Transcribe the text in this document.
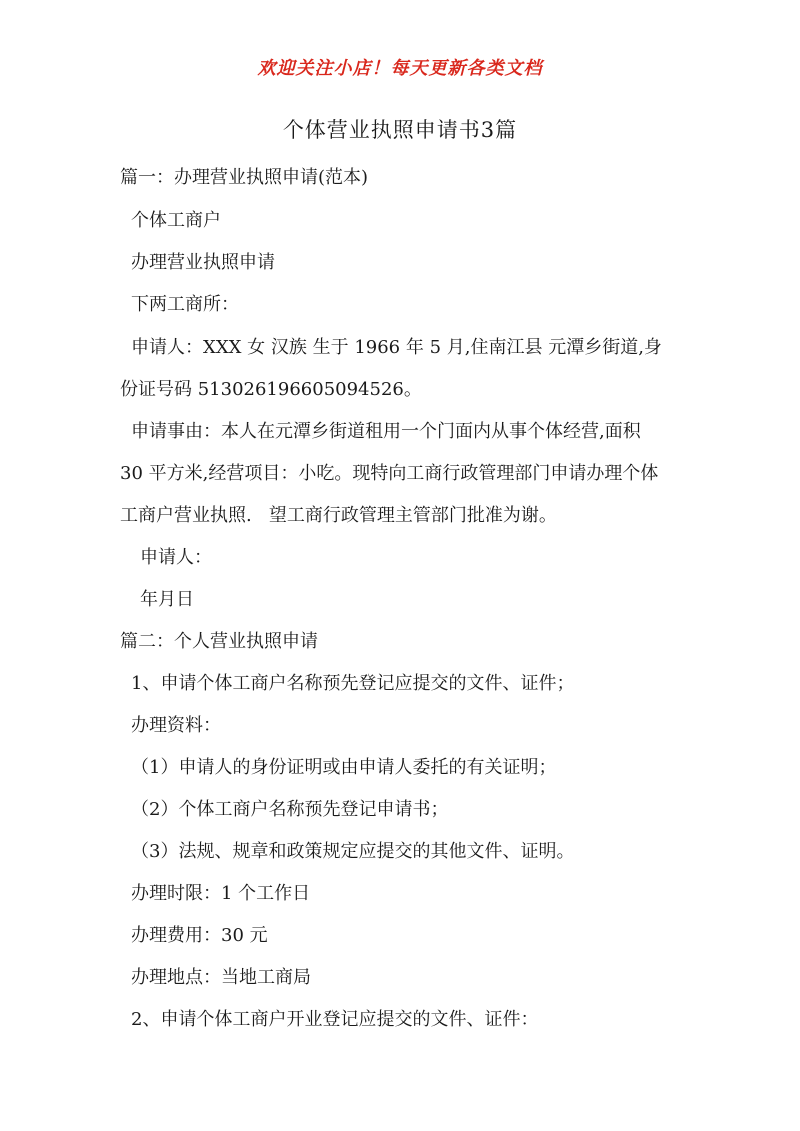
欢迎关注小店！每天更新各类文档
个体营业执照申请书3篇
篇一：办理营业执照申请(范本)
个体工商户
办理营业执照申请
下两工商所：
申请人：XXX 女 汉族 生于 1966 年 5 月,住南江县 元潭乡街道,身
份证号码 513026196605094526。
申请事由：本人在元潭乡街道租用一个门面内从事个体经营,面积
30 平方米,经营项目：小吃。现特向工商行政管理部门申请办理个体
工商户营业执照.   望工商行政管理主管部门批准为谢。
申请人：
年月日
篇二：个人营业执照申请
1、申请个体工商户名称预先登记应提交的文件、证件；
办理资料：
（1）申请人的身份证明或由申请人委托的有关证明；
（2）个体工商户名称预先登记申请书；
（3）法规、规章和政策规定应提交的其他文件、证明。
办理时限：1 个工作日
办理费用：30 元
办理地点：当地工商局
2、申请个体工商户开业登记应提交的文件、证件：
